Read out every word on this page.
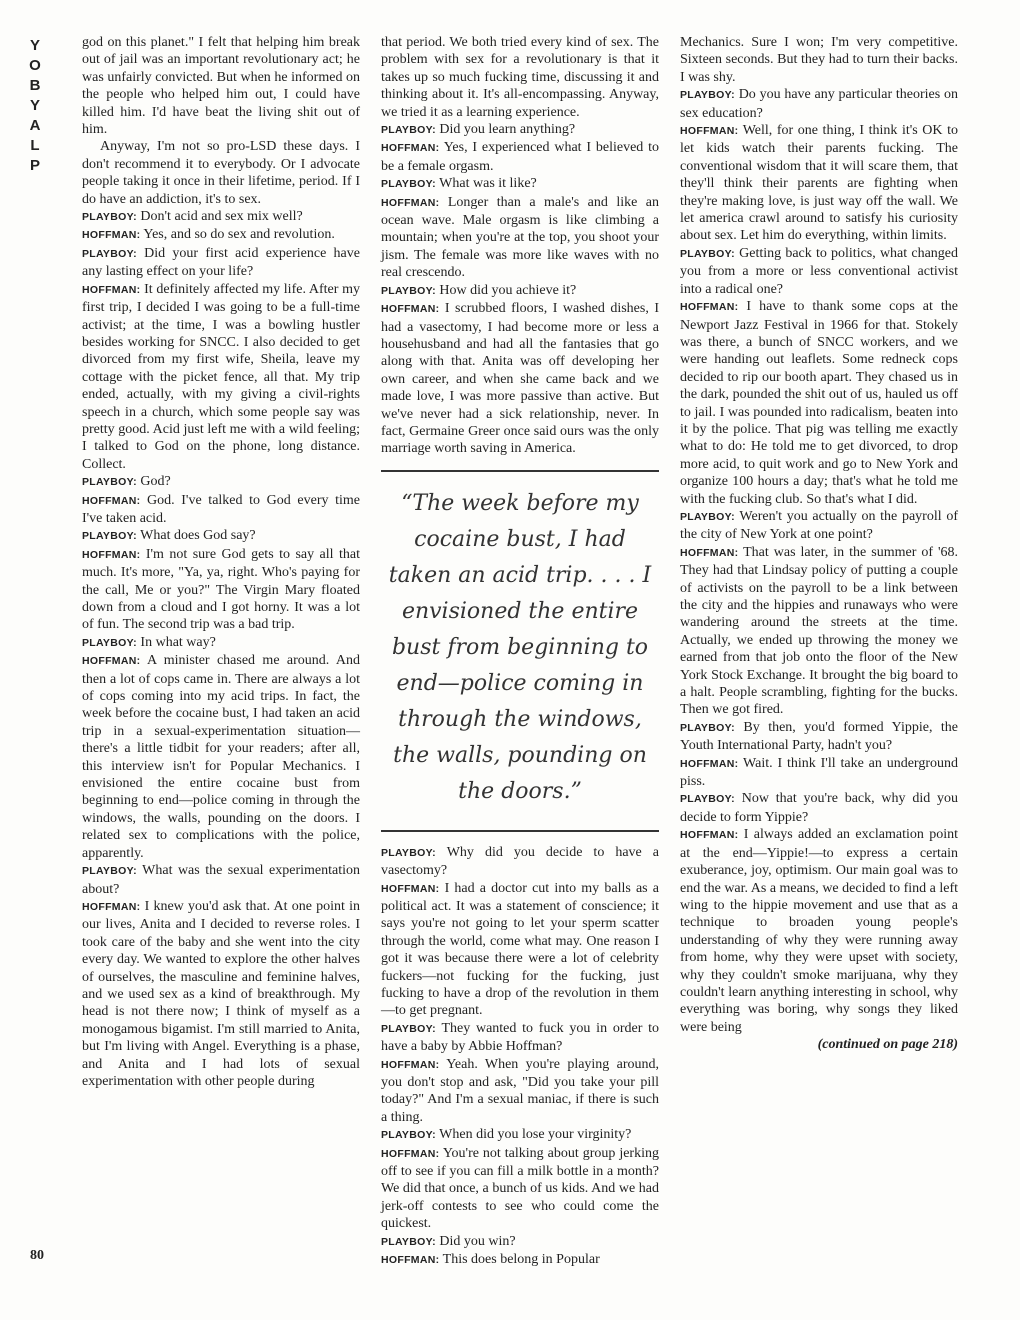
Y
O
B
Y
A
L
P
80

god on this planet." I felt that helping him break out of jail was an important revolutionary act; he was unfairly convicted. But when he informed on the people who helped him out, I could have killed him. I'd have beat the living shit out of him.

Anyway, I'm not so pro-LSD these days. I don't recommend it to everybody. Or I advocate people taking it once in their lifetime, period. If I do have an addiction, it's to sex.

PLAYBOY: Don't acid and sex mix well?

HOFFMAN: Yes, and so do sex and revolution.

PLAYBOY: Did your first acid experience have any lasting effect on your life?

HOFFMAN: It definitely affected my life. After my first trip, I decided I was going to be a full-time activist; at the time, I was a bowling hustler besides working for SNCC. I also decided to get divorced from my first wife, Sheila, leave my cottage with the picket fence, all that. My trip ended, actually, with my giving a civil-rights speech in a church, which some people say was pretty good. Acid just left me with a wild feeling; I talked to God on the phone, long distance. Collect.

PLAYBOY: God?

HOFFMAN: God. I've talked to God every time I've taken acid.

PLAYBOY: What does God say?

HOFFMAN: I'm not sure God gets to say all that much. It's more, "Ya, ya, right. Who's paying for the call, Me or you?" The Virgin Mary floated down from a cloud and I got horny. It was a lot of fun. The second trip was a bad trip.

PLAYBOY: In what way?

HOFFMAN: A minister chased me around. And then a lot of cops came in. There are always a lot of cops coming into my acid trips. In fact, the week before the cocaine bust, I had taken an acid trip in a sexual-experimentation situation—there's a little tidbit for your readers; after all, this interview isn't for Popular Mechanics. I envisioned the entire cocaine bust from beginning to end—police coming in through the windows, the walls, pounding on the doors. I related sex to complications with the police, apparently.

PLAYBOY: What was the sexual experimentation about?

HOFFMAN: I knew you'd ask that. At one point in our lives, Anita and I decided to reverse roles. I took care of the baby and she went into the city every day. We wanted to explore the other halves of ourselves, the masculine and feminine halves, and we used sex as a kind of breakthrough. My head is not there now; I think of myself as a monogamous bigamist. I'm still married to Anita, but I'm living with Angel. Everything is a phase, and Anita and I had lots of sexual experimentation with other people during

that period. We both tried every kind of sex. The problem with sex for a revolutionary is that it takes up so much fucking time, discussing it and thinking about it. It's all-encompassing. Anyway, we tried it as a learning experience.

PLAYBOY: Did you learn anything?

HOFFMAN: Yes, I experienced what I believed to be a female orgasm.

PLAYBOY: What was it like?

HOFFMAN: Longer than a male's and like an ocean wave. Male orgasm is like climbing a mountain; when you're at the top, you shoot your jism. The female was more like waves with no real crescendo.

PLAYBOY: How did you achieve it?

HOFFMAN: I scrubbed floors, I washed dishes, I had a vasectomy, I had become more or less a househusband and had all the fantasies that go along with that. Anita was off developing her own career, and when she came back and we made love, I was more passive than active. But we've never had a sick relationship, never. In fact, Germaine Greer once said ours was the only marriage worth saving in America.

“The week before my cocaine bust, I had taken an acid trip. . . . I envisioned the entire bust from beginning to end—police coming in through the windows, the walls, pounding on the doors.”

PLAYBOY: Why did you decide to have a vasectomy?

HOFFMAN: I had a doctor cut into my balls as a political act. It was a statement of conscience; it says you're not going to let your sperm scatter through the world, come what may. One reason I got it was because there were a lot of celebrity fuckers—not fucking for the fucking, just fucking to have a drop of the revolution in them—to get pregnant.

PLAYBOY: They wanted to fuck you in order to have a baby by Abbie Hoffman?

HOFFMAN: Yeah. When you're playing around, you don't stop and ask, "Did you take your pill today?" And I'm a sexual maniac, if there is such a thing.

PLAYBOY: When did you lose your virginity?

HOFFMAN: You're not talking about group jerking off to see if you can fill a milk bottle in a month? We did that once, a bunch of us kids. And we had jerk-off contests to see who could come the quickest.

PLAYBOY: Did you win?

HOFFMAN: This does belong in Popular

Mechanics. Sure I won; I'm very competitive. Sixteen seconds. But they had to turn their backs. I was shy.

PLAYBOY: Do you have any particular theories on sex education?

HOFFMAN: Well, for one thing, I think it's OK to let kids watch their parents fucking. The conventional wisdom that it will scare them, that they'll think their parents are fighting when they're making love, is just way off the wall. We let america crawl around to satisfy his curiosity about sex. Let him do everything, within limits.

PLAYBOY: Getting back to politics, what changed you from a more or less conventional activist into a radical one?

HOFFMAN: I have to thank some cops at the Newport Jazz Festival in 1966 for that. Stokely was there, a bunch of SNCC workers, and we were handing out leaflets. Some redneck cops decided to rip our booth apart. They chased us in the dark, pounded the shit out of us, hauled us off to jail. I was pounded into radicalism, beaten into it by the police. That pig was telling me exactly what to do: He told me to get divorced, to drop more acid, to quit work and go to New York and organize 100 hours a day; that's what he told me with the fucking club. So that's what I did.

PLAYBOY: Weren't you actually on the payroll of the city of New York at one point?

HOFFMAN: That was later, in the summer of '68. They had that Lindsay policy of putting a couple of activists on the payroll to be a link between the city and the hippies and runaways who were wandering around the streets at the time. Actually, we ended up throwing the money we earned from that job onto the floor of the New York Stock Exchange. It brought the big board to a halt. People scrambling, fighting for the bucks. Then we got fired.

PLAYBOY: By then, you'd formed Yippie, the Youth International Party, hadn't you?

HOFFMAN: Wait. I think I'll take an underground piss.

PLAYBOY: Now that you're back, why did you decide to form Yippie?

HOFFMAN: I always added an exclamation point at the end—Yippie!—to express a certain exuberance, joy, optimism. Our main goal was to end the war. As a means, we decided to find a left wing to the hippie movement and use that as a technique to broaden young people's understanding of why they were running away from home, why they were upset with society, why they couldn't smoke marijuana, why they couldn't learn anything interesting in school, why everything was boring, why songs they liked were being

(continued on page 218)
